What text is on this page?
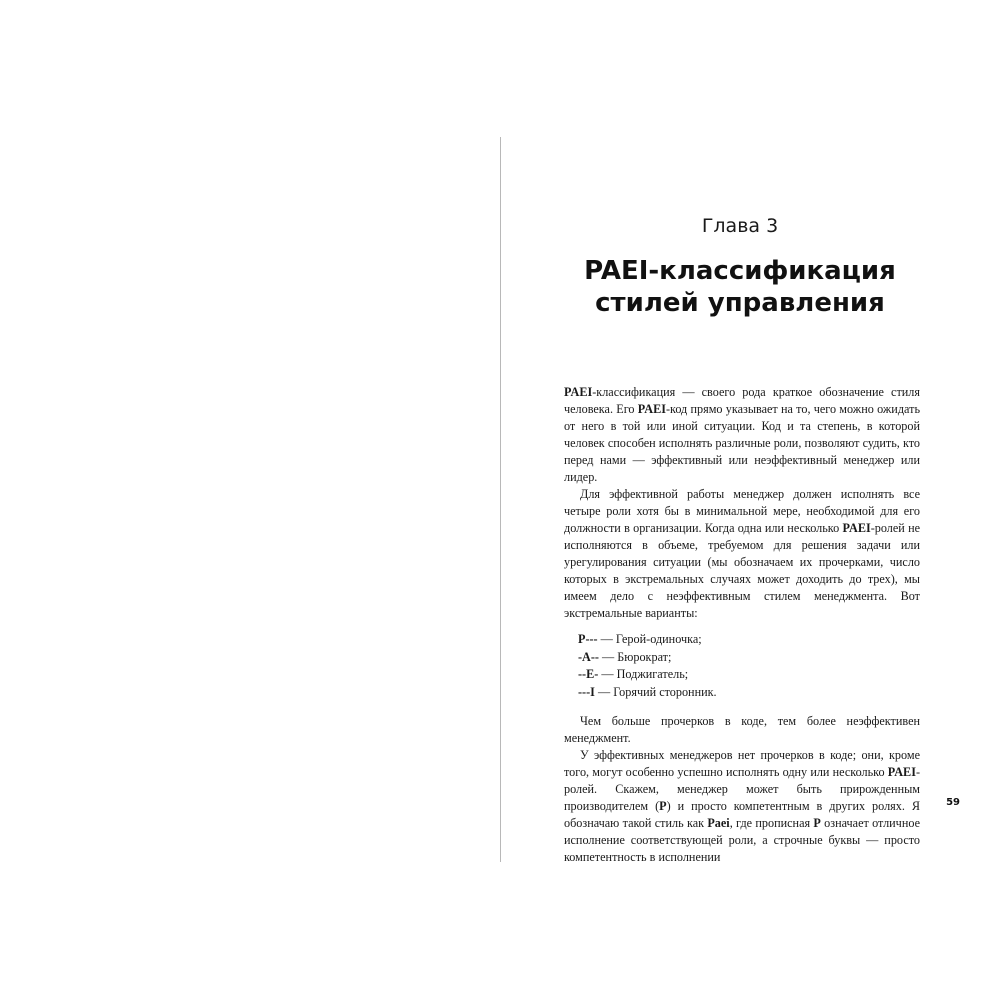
Глава 3
PAEI-классификация
стилей управления

PAEI-классификация — своего рода краткое обозначение стиля человека. Его PAEI-код прямо указывает на то, чего можно ожидать от него в той или иной ситуации. Код и та степень, в которой человек способен исполнять различные роли, позволяют судить, кто перед нами — эффективный или неэффективный менеджер или лидер.

Для эффективной работы менеджер должен исполнять все четыре роли хотя бы в минимальной мере, необходимой для его должности в организации. Когда одна или несколько PAEI-ролей не исполняются в объеме, требуемом для решения задачи или урегулирования ситуации (мы обозначаем их прочерками, число которых в экстремальных случаях может доходить до трех), мы имеем дело с неэффективным стилем менеджмента. Вот экстремальные варианты:

P--- — Герой-одиночка;
-A-- — Бюрократ;
--E- — Поджигатель;
---I — Горячий сторонник.

Чем больше прочерков в коде, тем более неэффективен менеджмент.

У эффективных менеджеров нет прочерков в коде; они, кроме того, могут особенно успешно исполнять одну или несколько PAEI-ролей. Скажем, менеджер может быть прирожденным производителем (P) и просто компетентным в других ролях. Я обозначаю такой стиль как Paei, где прописная P означает отличное исполнение соответствующей роли, а строчные буквы — просто компетентность в исполнении

59
